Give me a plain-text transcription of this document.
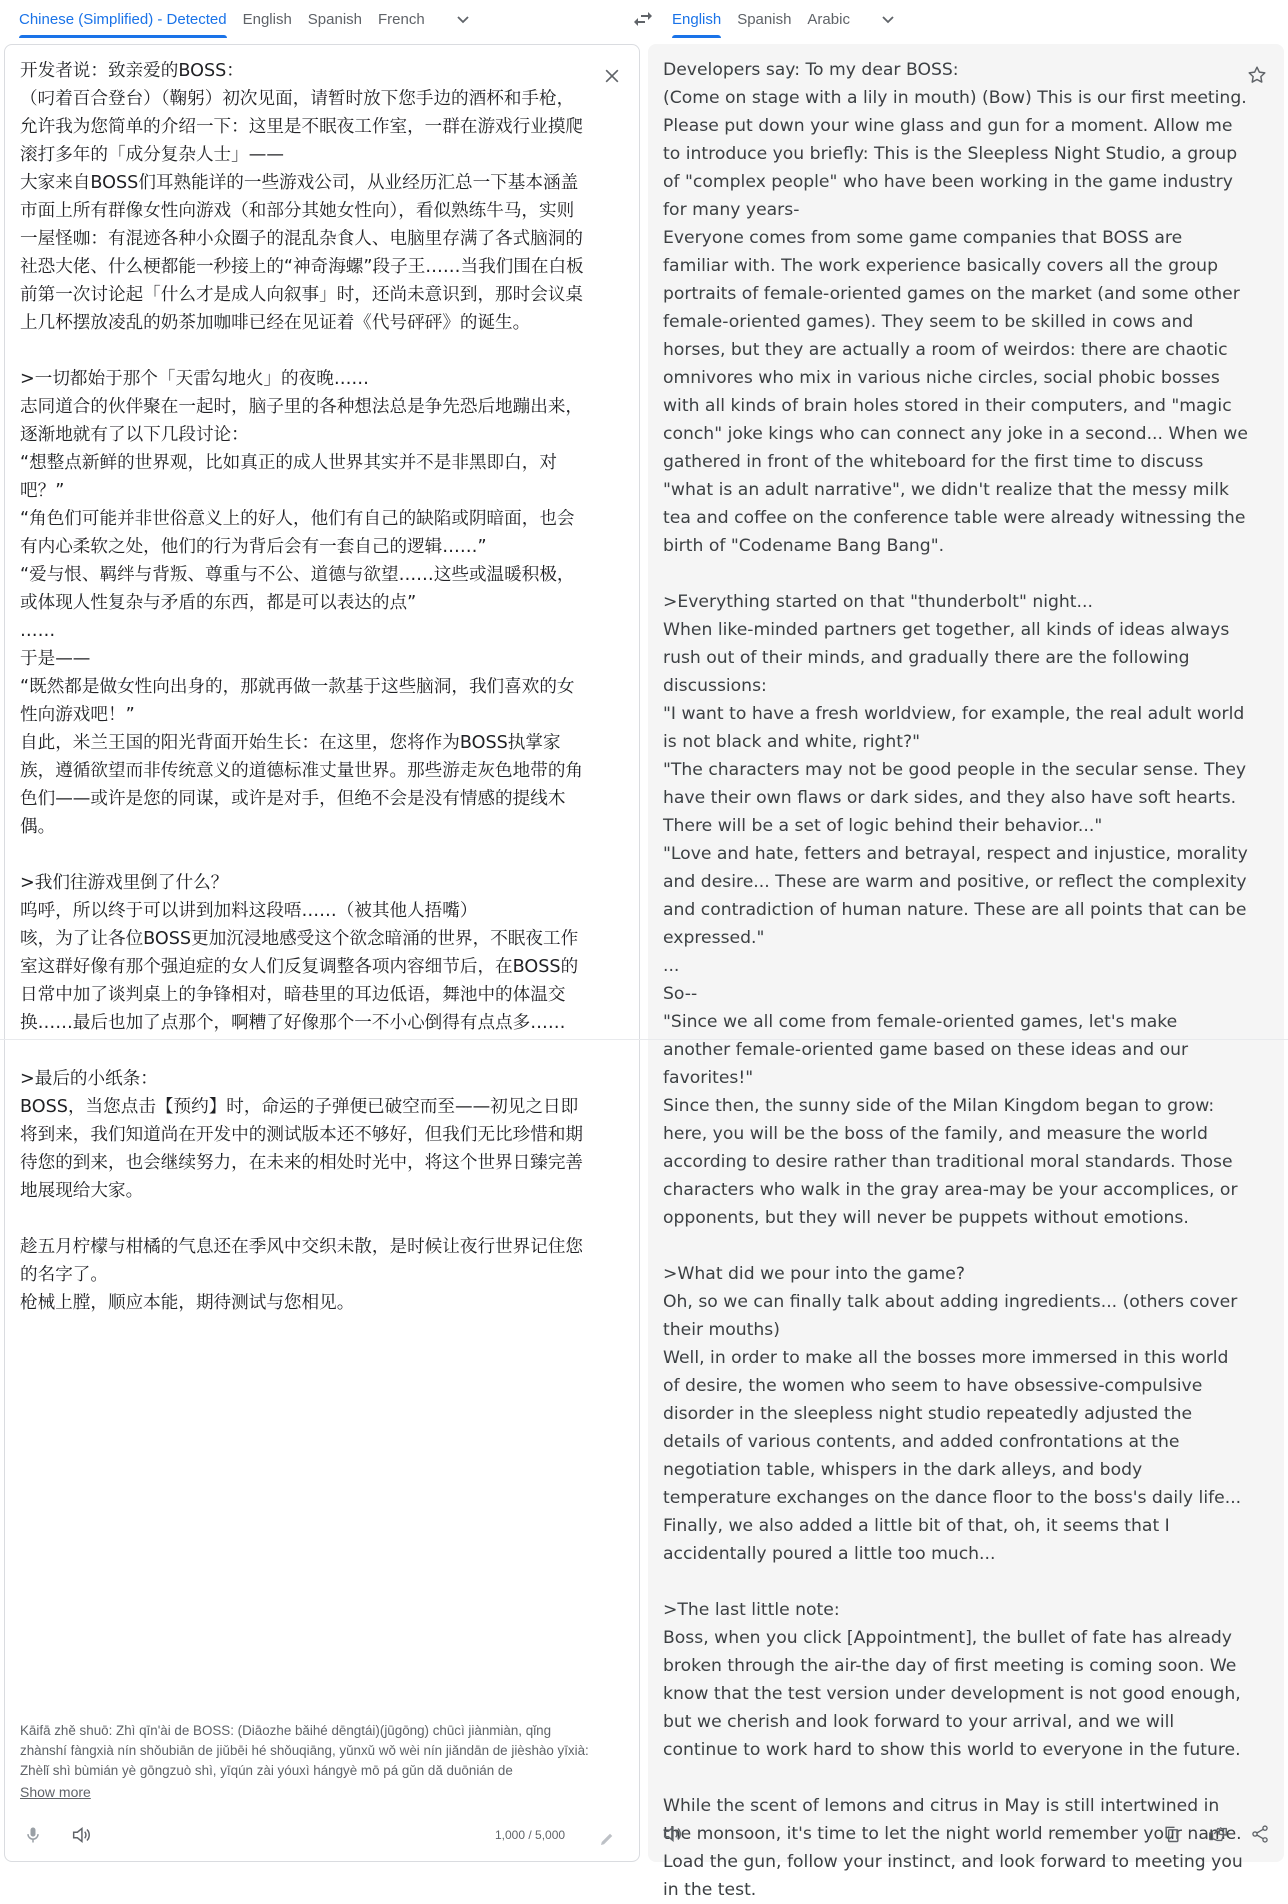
Chinese (Simplified) - Detected	English	Spanish	French	English	Spanish	Arabic
开发者说：致亲爱的BOSS：
（叼着百合登台）（鞠躬）初次见面，请暂时放下您手边的酒杯和手枪，允许我为您简单的介绍一下：这里是不眠夜工作室，一群在游戏行业摸爬滚打多年的「成分复杂人士」——
大家来自BOSS们耳熟能详的一些游戏公司，从业经历汇总一下基本涵盖市面上所有群像女性向游戏（和部分其她女性向），看似熟练牛马，实则一屋怪咖：有混迹各种小众圈子的混乱杂食人、电脑里存满了各式脑洞的社恐大佬、什么梗都能一秒接上的“神奇海螺”段子王……当我们围在白板前第一次讨论起「什么才是成人向叙事」时，还尚未意识到，那时会议桌上几杯摆放凌乱的奶茶加咖啡已经在见证着《代号砰砰》的诞生。

>一切都始于那个「天雷勾地火」的夜晚……
志同道合的伙伴聚在一起时，脑子里的各种想法总是争先恐后地蹦出来，逐渐地就有了以下几段讨论：
“想整点新鲜的世界观，比如真正的成人世界其实并不是非黑即白，对吧？”
“角色们可能并非世俗意义上的好人，他们有自己的缺陷或阴暗面，也会有内心柔软之处，他们的行为背后会有一套自己的逻辑……”
“爱与恨、羁绊与背叛、尊重与不公、道德与欲望……这些或温暖积极，或体现人性复杂与矛盾的东西，都是可以表达的点”
……
于是——
“既然都是做女性向出身的，那就再做一款基于这些脑洞，我们喜欢的女性向游戏吧！”
自此，米兰王国的阳光背面开始生长：在这里，您将作为BOSS执掌家族，遵循欲望而非传统意义的道德标准丈量世界。那些游走灰色地带的角色们——或许是您的同谋，或许是对手，但绝不会是没有情感的提线木偶。

>我们往游戏里倒了什么？
呜呼，所以终于可以讲到加料这段唔……（被其他人捂嘴）
咳，为了让各位BOSS更加沉浸地感受这个欲念暗涌的世界，不眠夜工作室这群好像有那个强迫症的女人们反复调整各项内容细节后，在BOSS的日常中加了谈判桌上的争锋相对，暗巷里的耳边低语，舞池中的体温交换……最后也加了点那个，啊糟了好像那个一不小心倒得有点点多……

>最后的小纸条：
BOSS，当您点击【预约】时，命运的子弹便已破空而至——初见之日即将到来，我们知道尚在开发中的测试版本还不够好，但我们无比珍惜和期待您的到来，也会继续努力，在未来的相处时光中，将这个世界日臻完善地展现给大家。

趁五月柠檬与柑橘的气息还在季风中交织未散，是时候让夜行世界记住您的名字了。
枪械上膛，顺应本能，期待测试与您相见。
Kāifā zhě shuō: Zhì qīn'ài de BOSS: (Diāozhe bǎihé dēngtái)(jūgōng) chūcì jiànmiàn, qǐng zhànshí fàngxià nín shǒubiān de jiǔbēi hé shǒuqiāng, yǔnxǔ wǒ wèi nín jiǎndān de jièshào yīxià: Zhèlǐ shì bùmián yè gōngzuò shì, yīqún zài yóuxì hángyè mō pá gǔn dǎ duōnián de
Show more
1,000 / 5,000
Developers say: To my dear BOSS:
(Come on stage with a lily in mouth) (Bow) This is our first meeting. Please put down your wine glass and gun for a moment. Allow me to introduce you briefly: This is the Sleepless Night Studio, a group of "complex people" who have been working in the game industry for many years-
Everyone comes from some game companies that BOSS are familiar with. The work experience basically covers all the group portraits of female-oriented games on the market (and some other female-oriented games). They seem to be skilled in cows and horses, but they are actually a room of weirdos: there are chaotic omnivores who mix in various niche circles, social phobic bosses with all kinds of brain holes stored in their computers, and "magic conch" joke kings who can connect any joke in a second... When we gathered in front of the whiteboard for the first time to discuss "what is an adult narrative", we didn't realize that the messy milk tea and coffee on the conference table were already witnessing the birth of "Codename Bang Bang".

>Everything started on that "thunderbolt" night...
When like-minded partners get together, all kinds of ideas always rush out of their minds, and gradually there are the following discussions:
"I want to have a fresh worldview, for example, the real adult world is not black and white, right?"
"The characters may not be good people in the secular sense. They have their own flaws or dark sides, and they also have soft hearts. There will be a set of logic behind their behavior..."
"Love and hate, fetters and betrayal, respect and injustice, morality and desire... These are warm and positive, or reflect the complexity and contradiction of human nature. These are all points that can be expressed."
...
So--
"Since we all come from female-oriented games, let's make another female-oriented game based on these ideas and our favorites!"
Since then, the sunny side of the Milan Kingdom began to grow: here, you will be the boss of the family, and measure the world according to desire rather than traditional moral standards. Those characters who walk in the gray area-may be your accomplices, or opponents, but they will never be puppets without emotions.

>What did we pour into the game?
Oh, so we can finally talk about adding ingredients... (others cover their mouths)
Well, in order to make all the bosses more immersed in this world of desire, the women who seem to have obsessive-compulsive disorder in the sleepless night studio repeatedly adjusted the details of various contents, and added confrontations at the negotiation table, whispers in the dark alleys, and body temperature exchanges on the dance floor to the boss's daily life... Finally, we also added a little bit of that, oh, it seems that I accidentally poured a little too much...

>The last little note:
Boss, when you click [Appointment], the bullet of fate has already broken through the air-the day of first meeting is coming soon. We know that the test version under development is not good enough, but we cherish and look forward to your arrival, and we will continue to work hard to show this world to everyone in the future.

While the scent of lemons and citrus in May is still intertwined in the monsoon, it's time to let the night world remember your name.
Load the gun, follow your instinct, and look forward to meeting you in the test.
